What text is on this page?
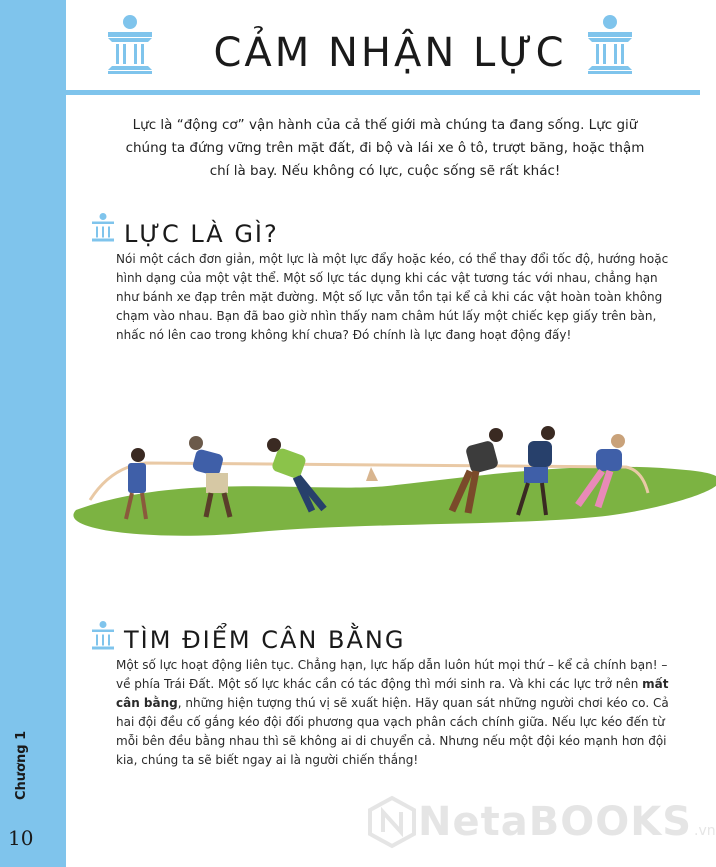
Chương 1
10
CẢM NHẬN LỰC

Lực là “động cơ” vận hành của cả thế giới mà chúng ta đang sống. Lực giữ chúng ta đứng vững trên mặt đất, đi bộ và lái xe ô tô, trượt băng, hoặc thậm chí là bay. Nếu không có lực, cuộc sống sẽ rất khác!

LỰC LÀ GÌ?

Nói một cách đơn giản, một lực là một lực đẩy hoặc kéo, có thể thay đổi tốc độ, hướng hoặc hình dạng của một vật thể. Một số lực tác dụng khi các vật tương tác với nhau, chẳng hạn như bánh xe đạp trên mặt đường. Một số lực vẫn tồn tại kể cả khi các vật hoàn toàn không chạm vào nhau. Bạn đã bao giờ nhìn thấy nam châm hút lấy một chiếc kẹp giấy trên bàn, nhấc nó lên cao trong không khí chưa? Đó chính là lực đang hoạt động đấy!

TÌM ĐIỂM CÂN BẰNG

Một số lực hoạt động liên tục. Chẳng hạn, lực hấp dẫn luôn hút mọi thứ – kể cả chính bạn! – về phía Trái Đất. Một số lực khác cần có tác động thì mới sinh ra. Và khi các lực trở nên mất cân bằng, những hiện tượng thú vị sẽ xuất hiện. Hãy quan sát những người chơi kéo co. Cả hai đội đều cố gắng kéo đội đối phương qua vạch phân cách chính giữa. Nếu lực kéo đến từ mỗi bên đều bằng nhau thì sẽ không ai di chuyển cả. Nhưng nếu một đội kéo mạnh hơn đội kia, chúng ta sẽ biết ngay ai là người chiến thắng!

NetaBOOKS .vn
